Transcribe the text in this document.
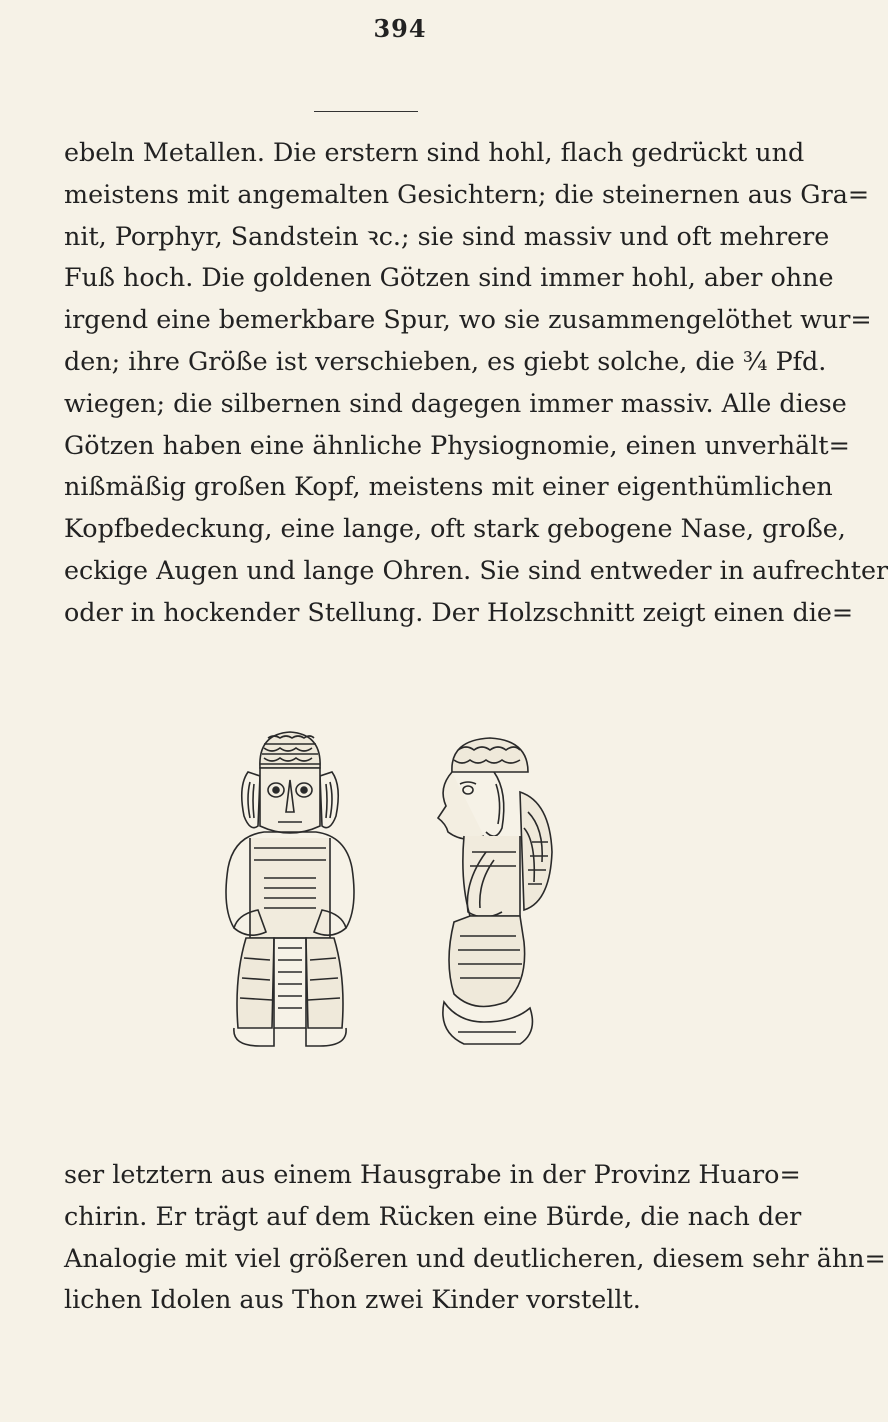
394
ebeln Metallen. Die erstern sind hohl, flach gedrückt und
meistens mit angemalten Gesichtern; die steinernen aus Gra=
nit, Porphyr, Sandstein ꝛc.; sie sind massiv und oft mehrere
Fuß hoch. Die goldenen Götzen sind immer hohl, aber ohne
irgend eine bemerkbare Spur, wo sie zusammengelöthet wur=
den; ihre Größe ist verschieben, es giebt solche, die ¾ Pfd.
wiegen; die silbernen sind dagegen immer massiv. Alle diese
Götzen haben eine ähnliche Physiognomie, einen unverhält=
nißmäßig großen Kopf, meistens mit einer eigenthümlichen
Kopfbedeckung, eine lange, oft stark gebogene Nase, große,
eckige Augen und lange Ohren. Sie sind entweder in aufrechter
oder in hockender Stellung. Der Holzschnitt zeigt einen die=
ser letztern aus einem Hausgrabe in der Provinz Huaro=
chirin. Er trägt auf dem Rücken eine Bürde, die nach der
Analogie mit viel größeren und deutlicheren, diesem sehr ähn=
lichen Idolen aus Thon zwei Kinder vorstellt.
